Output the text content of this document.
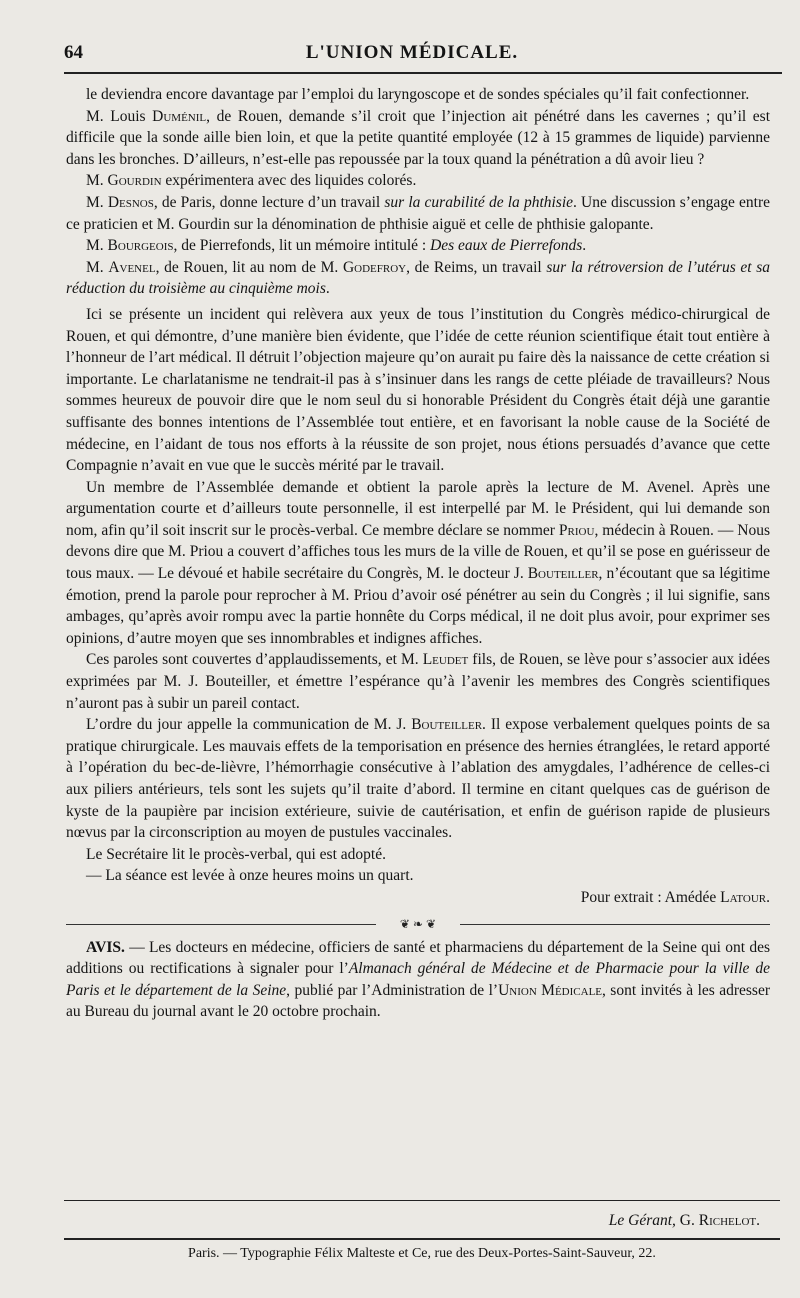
64	L'UNION MÉDICALE.

le deviendra encore davantage par l’emploi du laryngoscope et de sondes spéciales qu’il fait confectionner.

M. Louis Duménil, de Rouen, demande s’il croit que l’injection ait pénétré dans les cavernes ; qu’il est difficile que la sonde aille bien loin, et que la petite quantité employée (12 à 15 grammes de liquide) parvienne dans les bronches. D’ailleurs, n’est-elle pas repoussée par la toux quand la pénétration a dû avoir lieu ?

M. Gourdin expérimentera avec des liquides colorés.

M. Desnos, de Paris, donne lecture d’un travail sur la curabilité de la phthisie. Une discussion s’engage entre ce praticien et M. Gourdin sur la dénomination de phthisie aiguë et celle de phthisie galopante.

M. Bourgeois, de Pierrefonds, lit un mémoire intitulé : Des eaux de Pierrefonds.

M. Avenel, de Rouen, lit au nom de M. Godefroy, de Reims, un travail sur la rétroversion de l’utérus et sa réduction du troisième au cinquième mois.

Ici se présente un incident qui relèvera aux yeux de tous l’institution du Congrès médico-chirurgical de Rouen, et qui démontre, d’une manière bien évidente, que l’idée de cette réunion scientifique était tout entière à l’honneur de l’art médical. Il détruit l’objection majeure qu’on aurait pu faire dès la naissance de cette création si importante. Le charlatanisme ne tendrait-il pas à s’insinuer dans les rangs de cette pléiade de travailleurs? Nous sommes heureux de pouvoir dire que le nom seul du si honorable Président du Congrès était déjà une garantie suffisante des bonnes intentions de l’Assemblée tout entière, et en favorisant la noble cause de la Société de médecine, en l’aidant de tous nos efforts à la réussite de son projet, nous étions persuadés d’avance que cette Compagnie n’avait en vue que le succès mérité par le travail.

Un membre de l’Assemblée demande et obtient la parole après la lecture de M. Avenel. Après une argumentation courte et d’ailleurs toute personnelle, il est interpellé par M. le Président, qui lui demande son nom, afin qu’il soit inscrit sur le procès-verbal. Ce membre déclare se nommer Priou, médecin à Rouen. — Nous devons dire que M. Priou a couvert d’affiches tous les murs de la ville de Rouen, et qu’il se pose en guérisseur de tous maux. — Le dévoué et habile secrétaire du Congrès, M. le docteur J. Bouteiller, n’écoutant que sa légitime émotion, prend la parole pour reprocher à M. Priou d’avoir osé pénétrer au sein du Congrès ; il lui signifie, sans ambages, qu’après avoir rompu avec la partie honnête du Corps médical, il ne doit plus avoir, pour exprimer ses opinions, d’autre moyen que ses innombrables et indignes affiches.

Ces paroles sont couvertes d’applaudissements, et M. Leudet fils, de Rouen, se lève pour s’associer aux idées exprimées par M. J. Bouteiller, et émettre l’espérance qu’à l’avenir les membres des Congrès scientifiques n’auront pas à subir un pareil contact.

L’ordre du jour appelle la communication de M. J. Bouteiller. Il expose verbalement quelques points de sa pratique chirurgicale. Les mauvais effets de la temporisation en présence des hernies étranglées, le retard apporté à l’opération du bec-de-lièvre, l’hémorrhagie consécutive à l’ablation des amygdales, l’adhérence de celles-ci aux piliers antérieurs, tels sont les sujets qu’il traite d’abord. Il termine en citant quelques cas de guérison de kyste de la paupière par incision extérieure, suivie de cautérisation, et enfin de guérison rapide de plusieurs nœvus par la circonscription au moyen de pustules vaccinales.

Le Secrétaire lit le procès-verbal, qui est adopté.

— La séance est levée à onze heures moins un quart.

Pour extrait : Amédée Latour.

❦ ❧ ❦

AVIS. — Les docteurs en médecine, officiers de santé et pharmaciens du département de la Seine qui ont des additions ou rectifications à signaler pour l’Almanach général de Médecine et de Pharmacie pour la ville de Paris et le département de la Seine, publié par l’Administration de l’Union Médicale, sont invités à les adresser au Bureau du journal avant le 20 octobre prochain.

Le Gérant, G. Richelot.
Paris. — Typographie Félix Malteste et Ce, rue des Deux-Portes-Saint-Sauveur, 22.
